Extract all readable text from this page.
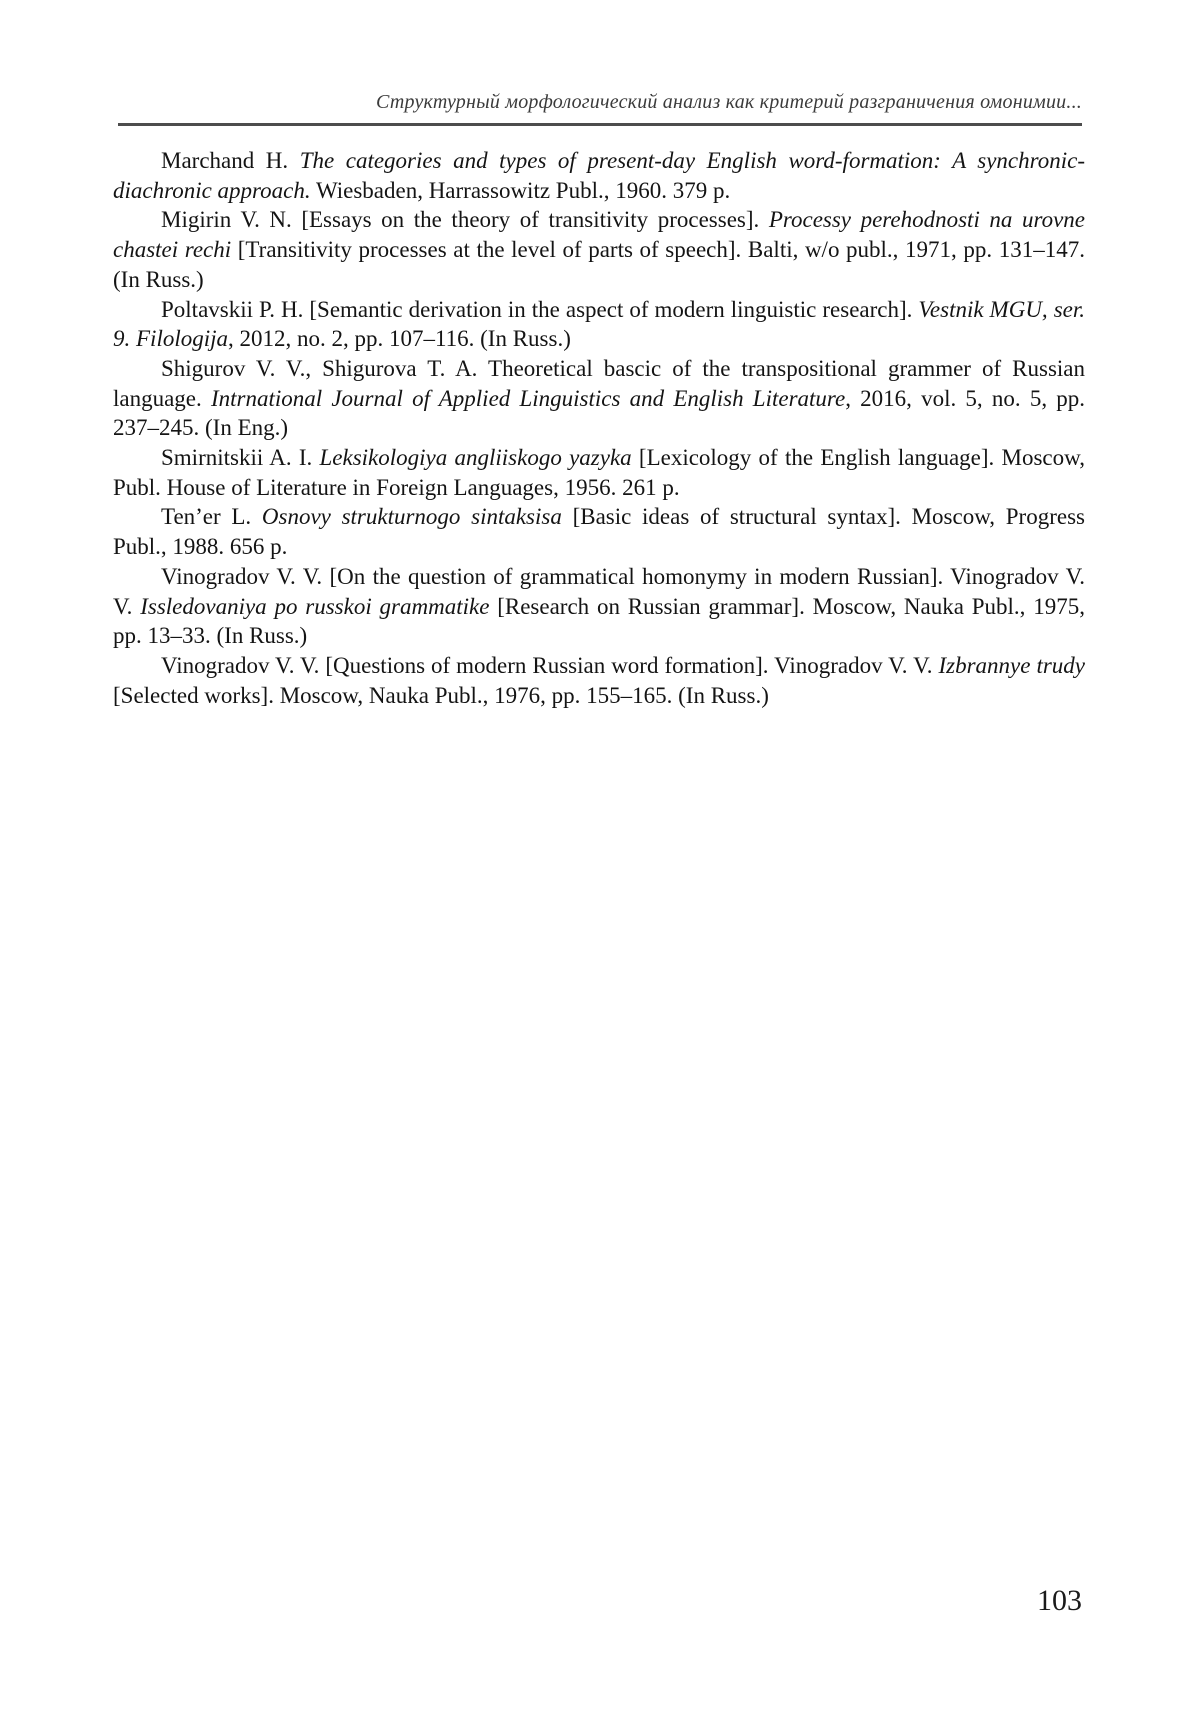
Структурный морфологический анализ как критерий разграничения омонимии...

Marchand H. The categories and types of present-day English word-formation: A synchronic-diachronic approach. Wiesbaden, Harrassowitz Publ., 1960. 379 p.

Migirin V. N. [Essays on the theory of transitivity processes]. Processy perehodnosti na urovne chastei rechi [Transitivity processes at the level of parts of speech]. Balti, w/o publ., 1971, pp. 131–147. (In Russ.)

Poltavskii P. H. [Semantic derivation in the aspect of modern linguistic research]. Vestnik MGU, ser. 9. Filologija, 2012, no. 2, pp. 107–116. (In Russ.)

Shigurov V. V., Shigurova T. A. Theoretical bascic of the transpositional grammer of Russian language. Intrnational Journal of Applied Linguistics and English Literature, 2016, vol. 5, no. 5, pp. 237–245. (In Eng.)

Smirnitskii A. I. Leksikologiya angliiskogo yazyka [Lexicology of the English language]. Moscow, Publ. House of Literature in Foreign Languages, 1956. 261 p.

Ten’er L. Osnovy strukturnogo sintaksisa [Basic ideas of structural syntax]. Moscow, Progress Publ., 1988. 656 p.

Vinogradov V. V. [On the question of grammatical homonymy in modern Russian]. Vinogradov V. V. Issledovaniya po russkoi grammatike [Research on Russian grammar]. Moscow, Nauka Publ., 1975, pp. 13–33. (In Russ.)

Vinogradov V. V. [Questions of modern Russian word formation]. Vinogradov V. V. Izbrannye trudy [Selected works]. Moscow, Nauka Publ., 1976, pp. 155–165. (In Russ.)

103
